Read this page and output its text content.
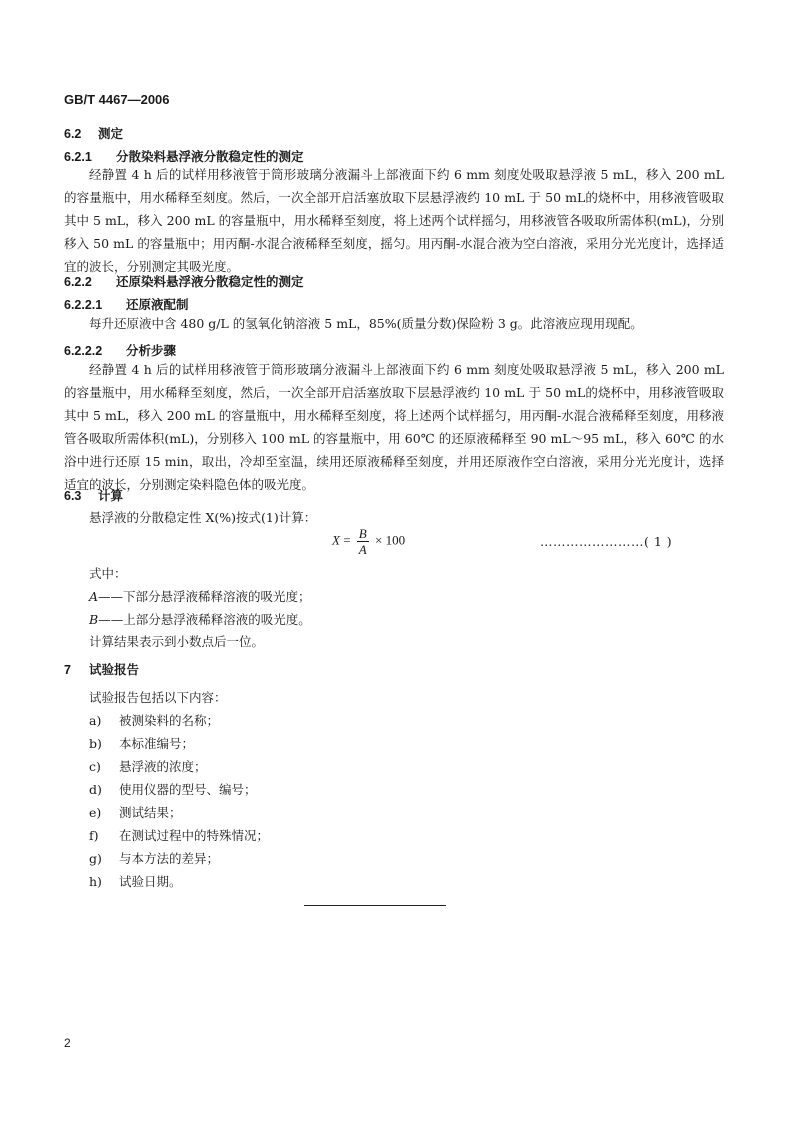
GB/T 4467—2006
6.2 测定
6.2.1 分散染料悬浮液分散稳定性的测定
经静置 4 h 后的试样用移液管于筒形玻璃分液漏斗上部液面下约 6 mm 刻度处吸取悬浮液 5 mL，移入 200 mL 的容量瓶中，用水稀释至刻度。然后，一次全部开启活塞放取下层悬浮液约 10 mL 于 50 mL的烧杯中，用移液管吸取其中 5 mL，移入 200 mL 的容量瓶中，用水稀释至刻度，将上述两个试样摇匀，用移液管各吸取所需体积(mL)，分别移入 50 mL 的容量瓶中；用丙酮-水混合液稀释至刻度，摇匀。用丙酮-水混合液为空白溶液，采用分光光度计，选择适宜的波长，分别测定其吸光度。
6.2.2 还原染料悬浮液分散稳定性的测定
6.2.2.1 还原液配制
每升还原液中含 480 g/L 的氢氧化钠溶液 5 mL，85%(质量分数)保险粉 3 g。此溶液应现用现配。
6.2.2.2 分析步骤
经静置 4 h 后的试样用移液管于筒形玻璃分液漏斗上部液面下约 6 mm 刻度处吸取悬浮液 5 mL，移入 200 mL 的容量瓶中，用水稀释至刻度，然后，一次全部开启活塞放取下层悬浮液约 10 mL 于 50 mL的烧杯中，用移液管吸取其中 5 mL，移入 200 mL 的容量瓶中，用水稀释至刻度，将上述两个试样摇匀，用丙酮-水混合液稀释至刻度，用移液管各吸取所需体积(mL)，分别移入 100 mL 的容量瓶中，用 60℃ 的还原液稀释至 90 mL～95 mL，移入 60℃ 的水浴中进行还原 15 min，取出，冷却至室温，续用还原液稀释至刻度，并用还原液作空白溶液，采用分光光度计，选择适宜的波长，分别测定染料隐色体的吸光度。
6.3 计算
悬浮液的分散稳定性 X(%)按式(1)计算：
$X = \frac{B}{A} \times 100$	……………………( 1 )
式中：
A——下部分悬浮液稀释溶液的吸光度；
B——上部分悬浮液稀释溶液的吸光度。
计算结果表示到小数点后一位。
7 试验报告
试验报告包括以下内容：
a) 被测染料的名称；
b) 本标准编号；
c) 悬浮液的浓度；
d) 使用仪器的型号、编号；
e) 测试结果；
f) 在测试过程中的特殊情况；
g) 与本方法的差异；
h) 试验日期。
2
